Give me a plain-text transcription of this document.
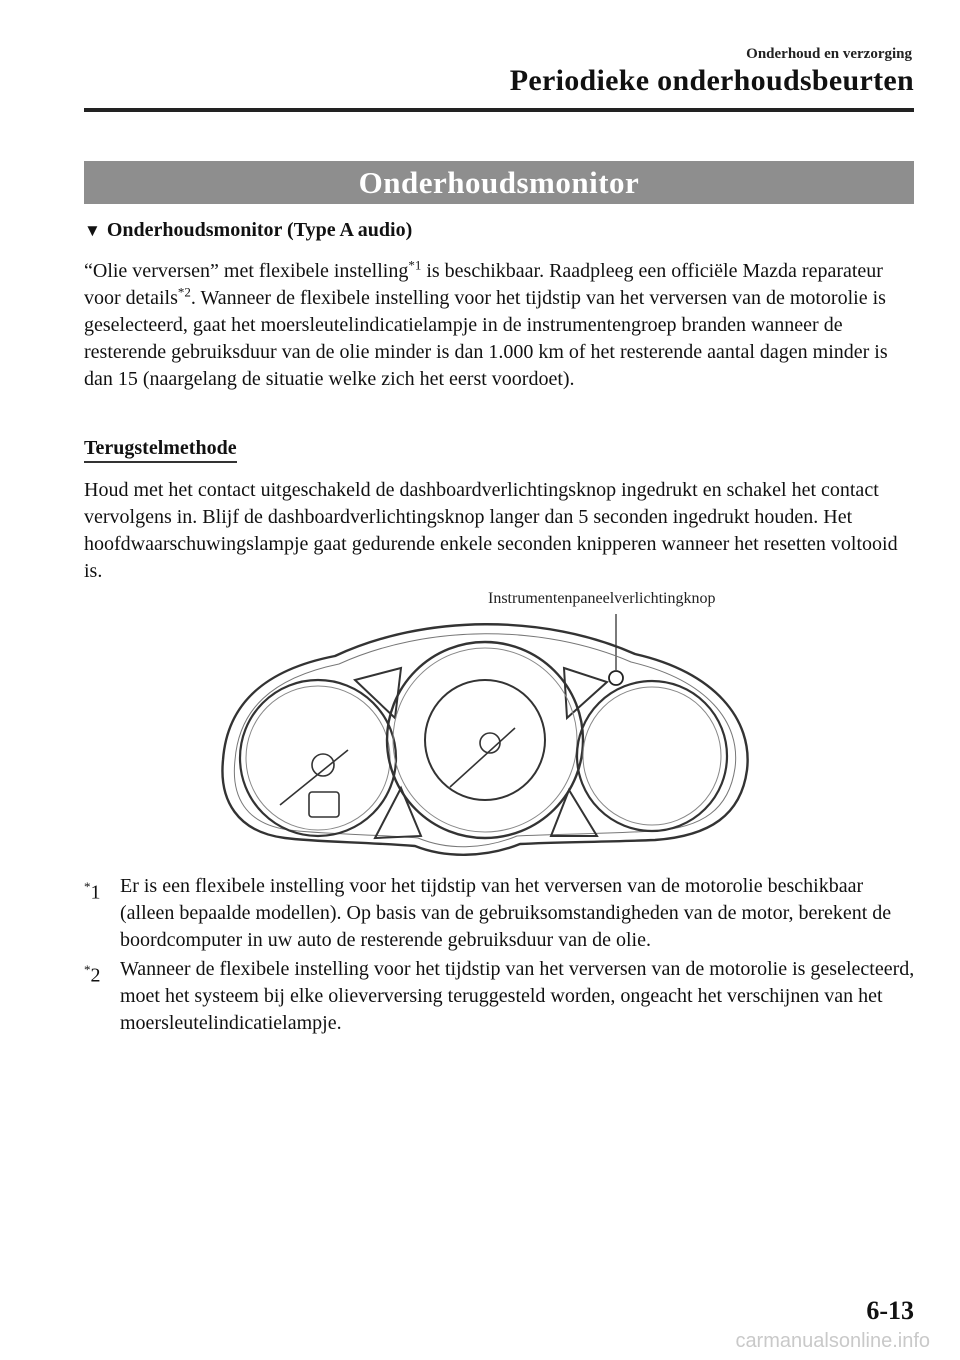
Onderhoud en verzorging
Periodieke onderhoudsbeurten
Onderhoudsmonitor
▼ Onderhoudsmonitor (Type A audio)

“Olie verversen” met flexibele instelling$^{*1}$ is beschikbaar. Raadpleeg een officiële Mazda reparateur voor details$^{*2}$. Wanneer de flexibele instelling voor het tijdstip van het verversen van de motorolie is geselecteerd, gaat het moersleutelindicatielampje in de instrumentengroep branden wanneer de resterende gebruiksduur van de olie minder is dan 1.000 km of het resterende aantal dagen minder is dan 15 (naargelang de situatie welke zich het eerst voordoet).

Terugstelmethode

Houd met het contact uitgeschakeld de dashboardverlichtingsknop ingedrukt en schakel het contact vervolgens in. Blijf de dashboardverlichtingsknop langer dan 5 seconden ingedrukt houden. Het hoofdwaarschuwingslampje gaat gedurende enkele seconden knipperen wanneer het resetten voltooid is.

Instrumentenpaneelverlichtingknop
*1 Er is een flexibele instelling voor het tijdstip van het verversen van de motorolie beschikbaar (alleen bepaalde modellen). Op basis van de gebruiksomstandigheden van de motor, berekent de boordcomputer in uw auto de resterende gebruiksduur van de olie.
*2 Wanneer de flexibele instelling voor het tijdstip van het verversen van de motorolie is geselecteerd, moet het systeem bij elke olieverversing teruggesteld worden, ongeacht het verschijnen van het moersleutelindicatielampje.
6-13
carmanualsonline.info
